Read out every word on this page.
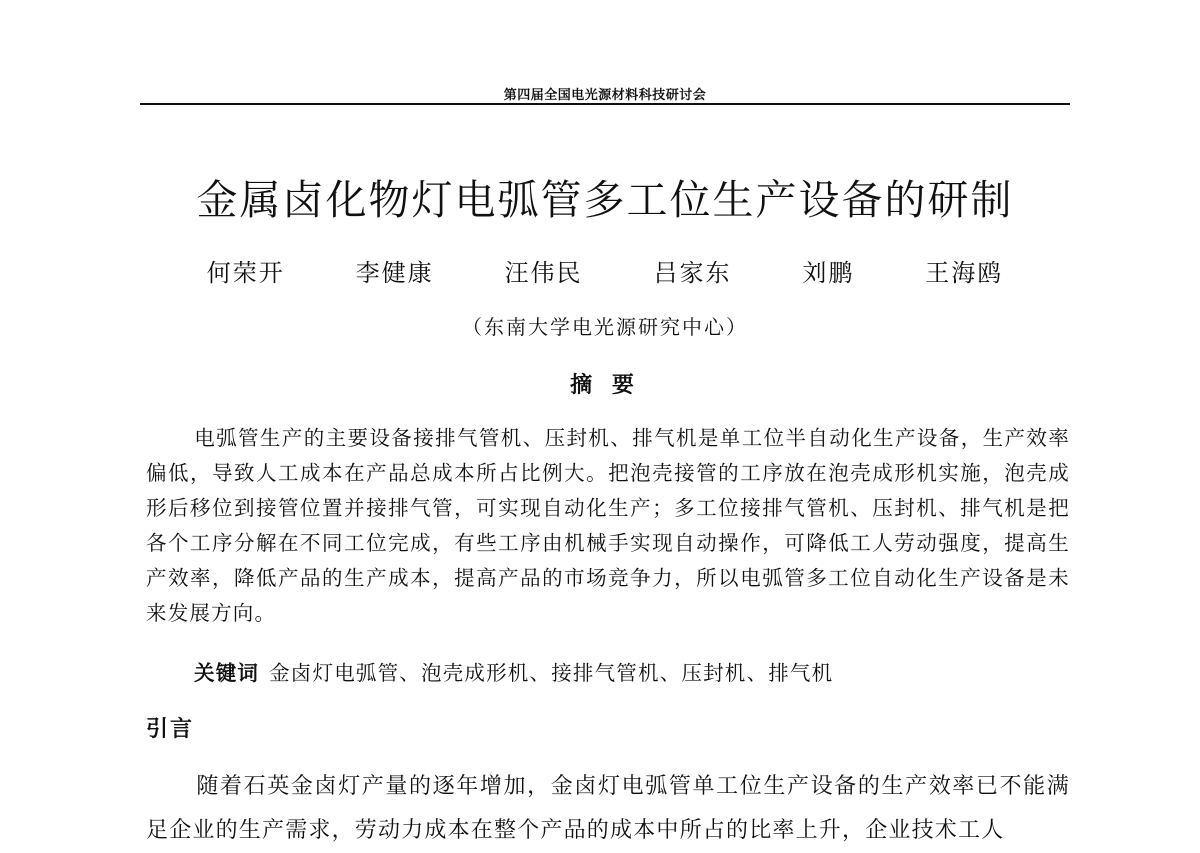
第四届全国电光源材料科技研讨会
金属卤化物灯电弧管多工位生产设备的研制
何荣开   李健康   汪伟民   吕家东   刘鹏   王海鸥
（东南大学电光源研究中心）
摘 要
电弧管生产的主要设备接排气管机、压封机、排气机是单工位半自动化生产设备，生产效率偏低，导致人工成本在产品总成本所占比例大。把泡壳接管的工序放在泡壳成形机实施，泡壳成形后移位到接管位置并接排气管，可实现自动化生产；多工位接排气管机、压封机、排气机是把各个工序分解在不同工位完成，有些工序由机械手实现自动操作，可降低工人劳动强度，提高生产效率，降低产品的生产成本，提高产品的市场竞争力，所以电弧管多工位自动化生产设备是未来发展方向。
关键词 金卤灯电弧管、泡壳成形机、接排气管机、压封机、排气机
引言
随着石英金卤灯产量的逐年增加，金卤灯电弧管单工位生产设备的生产效率已不能满足企业的生产需求，劳动力成本在整个产品的成本中所占的比率上升，企业技术工人
